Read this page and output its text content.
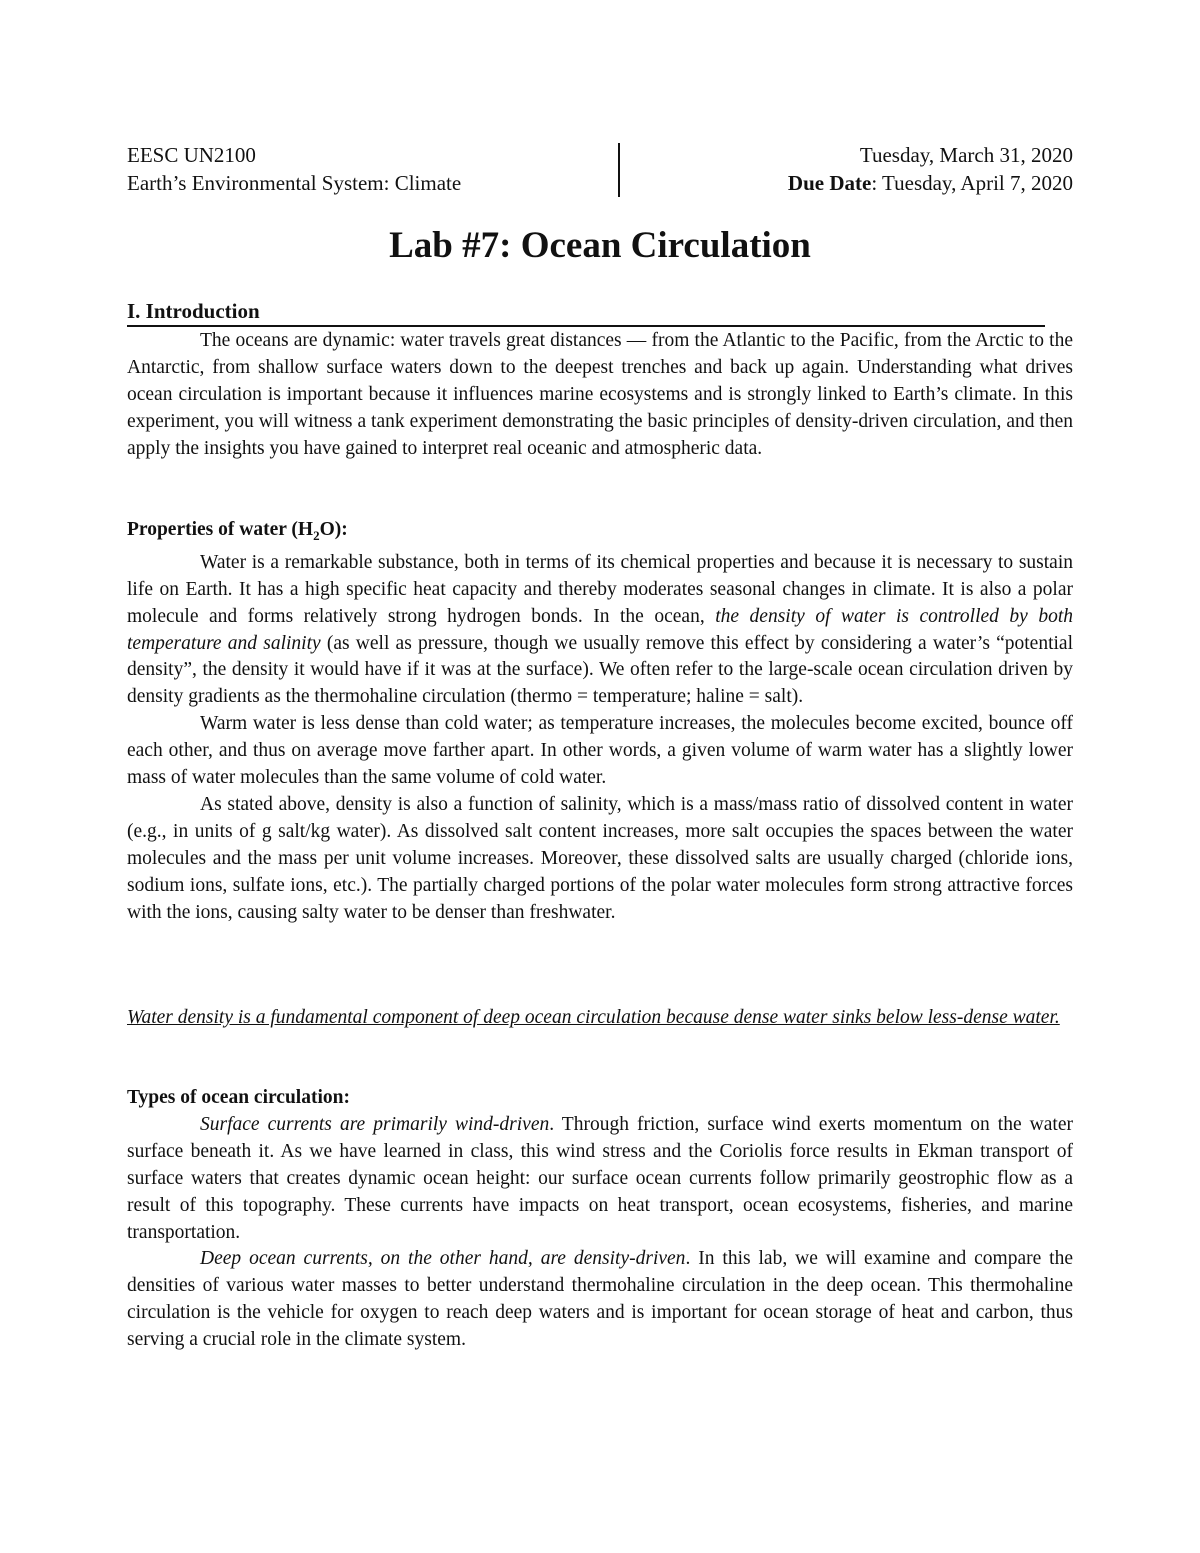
EESC UN2100
Earth’s Environmental System: Climate
Tuesday, March 31, 2020
Due Date: Tuesday, April 7, 2020
Lab #7: Ocean Circulation
I. Introduction

The oceans are dynamic: water travels great distances — from the Atlantic to the Pacific, from the Arctic to the Antarctic, from shallow surface waters down to the deepest trenches and back up again. Understanding what drives ocean circulation is important because it influences marine ecosystems and is strongly linked to Earth’s climate. In this experiment, you will witness a tank experiment demonstrating the basic principles of density-driven circulation, and then apply the insights you have gained to interpret real oceanic and atmospheric data.

Properties of water $(H_2O)$:

Water is a remarkable substance, both in terms of its chemical properties and because it is necessary to sustain life on Earth. It has a high specific heat capacity and thereby moderates seasonal changes in climate. It is also a polar molecule and forms relatively strong hydrogen bonds. In the ocean, the density of water is controlled by both temperature and salinity (as well as pressure, though we usually remove this effect by considering a water’s “potential density”, the density it would have if it was at the surface). We often refer to the large-scale ocean circulation driven by density gradients as the thermohaline circulation (thermo = temperature; haline = salt).

Warm water is less dense than cold water; as temperature increases, the molecules become excited, bounce off each other, and thus on average move farther apart. In other words, a given volume of warm water has a slightly lower mass of water molecules than the same volume of cold water.

As stated above, density is also a function of salinity, which is a mass/mass ratio of dissolved content in water (e.g., in units of g salt/kg water). As dissolved salt content increases, more salt occupies the spaces between the water molecules and the mass per unit volume increases. Moreover, these dissolved salts are usually charged (chloride ions, sodium ions, sulfate ions, etc.). The partially charged portions of the polar water molecules form strong attractive forces with the ions, causing salty water to be denser than freshwater.

Water density is a fundamental component of deep ocean circulation because dense water sinks below less-dense water.
Types of ocean circulation:

Surface currents are primarily wind-driven. Through friction, surface wind exerts momentum on the water surface beneath it. As we have learned in class, this wind stress and the Coriolis force results in Ekman transport of surface waters that creates dynamic ocean height: our surface ocean currents follow primarily geostrophic flow as a result of this topography. These currents have impacts on heat transport, ocean ecosystems, fisheries, and marine transportation.

Deep ocean currents, on the other hand, are density-driven. In this lab, we will examine and compare the densities of various water masses to better understand thermohaline circulation in the deep ocean. This thermohaline circulation is the vehicle for oxygen to reach deep waters and is important for ocean storage of heat and carbon, thus serving a crucial role in the climate system.
